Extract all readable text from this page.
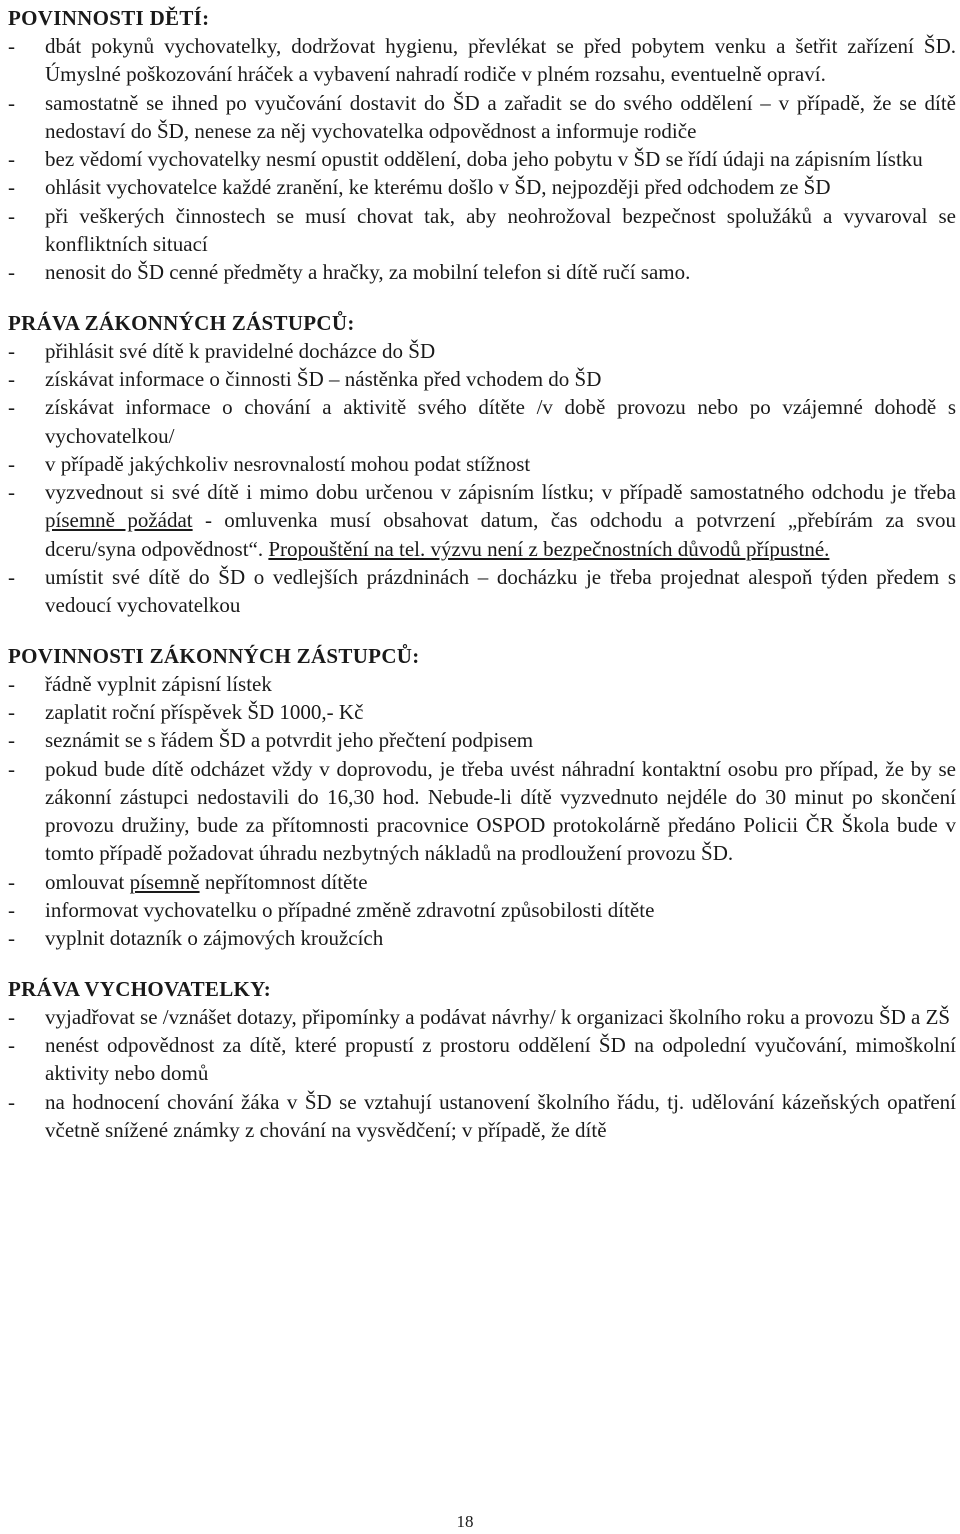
POVINNOSTI DĚTÍ:
- dbát pokynů vychovatelky, dodržovat hygienu, převlékat se před pobytem venku a šetřit zařízení ŠD. Úmyslné poškozování hráček a vybavení nahradí rodiče v plném rozsahu, eventuelně opraví.
- samostatně se ihned po vyučování dostavit do ŠD a zařadit se do svého oddělení – v případě, že se dítě nedostaví do ŠD, nenese za něj vychovatelka odpovědnost a informuje rodiče
- bez vědomí vychovatelky nesmí opustit oddělení, doba jeho pobytu v ŠD se řídí údaji na zápisním lístku
- ohlásit vychovatelce každé zranění, ke kterému došlo v ŠD, nejpozději před odchodem ze ŠD
- při veškerých činnostech se musí chovat tak, aby neohrožoval bezpečnost spolužáků a vyvaroval se konfliktních situací
- nenosit do ŠD cenné předměty a hračky, za mobilní telefon si dítě ručí samo.
PRÁVA ZÁKONNÝCH ZÁSTUPCŮ:
- přihlásit své dítě k pravidelné docházce do ŠD
- získávat informace o činnosti ŠD – nástěnka před vchodem do ŠD
- získávat informace o chování a aktivitě svého dítěte /v době provozu nebo po vzájemné dohodě s vychovatelkou/
- v případě jakýchkoliv nesrovnalostí mohou podat stížnost
- vyzvednout si své dítě i mimo dobu určenou v zápisním lístku; v případě samostatného odchodu je třeba písemně požádat - omluvenka musí obsahovat datum, čas odchodu a potvrzení „přebírám za svou dceru/syna odpovědnost“. Propouštění na tel. výzvu není z bezpečnostních důvodů přípustné.
- umístit své dítě do ŠD o vedlejších prázdninách – docházku je třeba projednat alespoň týden předem s vedoucí vychovatelkou
POVINNOSTI ZÁKONNÝCH ZÁSTUPCŮ:
- řádně vyplnit zápisní lístek
- zaplatit roční příspěvek ŠD 1000,- Kč
- seznámit se s řádem ŠD a potvrdit jeho přečtení podpisem
- pokud bude dítě odcházet vždy v doprovodu, je třeba uvést náhradní kontaktní osobu pro případ, že by se zákonní zástupci nedostavili do 16,30 hod. Nebude-li dítě vyzvednuto nejdéle do 30 minut po skončení provozu družiny, bude za přítomnosti pracovnice OSPOD protokolárně předáno Policii ČR Škola bude v tomto případě požadovat úhradu nezbytných nákladů na prodloužení provozu ŠD.
- omlouvat písemně nepřítomnost dítěte
- informovat vychovatelku o případné změně zdravotní způsobilosti dítěte
- vyplnit dotazník o zájmových kroužcích
PRÁVA VYCHOVATELKY:
- vyjadřovat se /vznášet dotazy, připomínky a podávat návrhy/ k organizaci školního roku a provozu ŠD a ZŠ
- nenést odpovědnost za dítě, které propustí z prostoru oddělení ŠD na odpolední vyučování, mimoškolní aktivity nebo domů
- na hodnocení chování žáka v ŠD se vztahují ustanovení školního řádu, tj. udělování kázeňských opatření včetně snížené známky z chování na vysvědčení; v případě, že dítě
18
